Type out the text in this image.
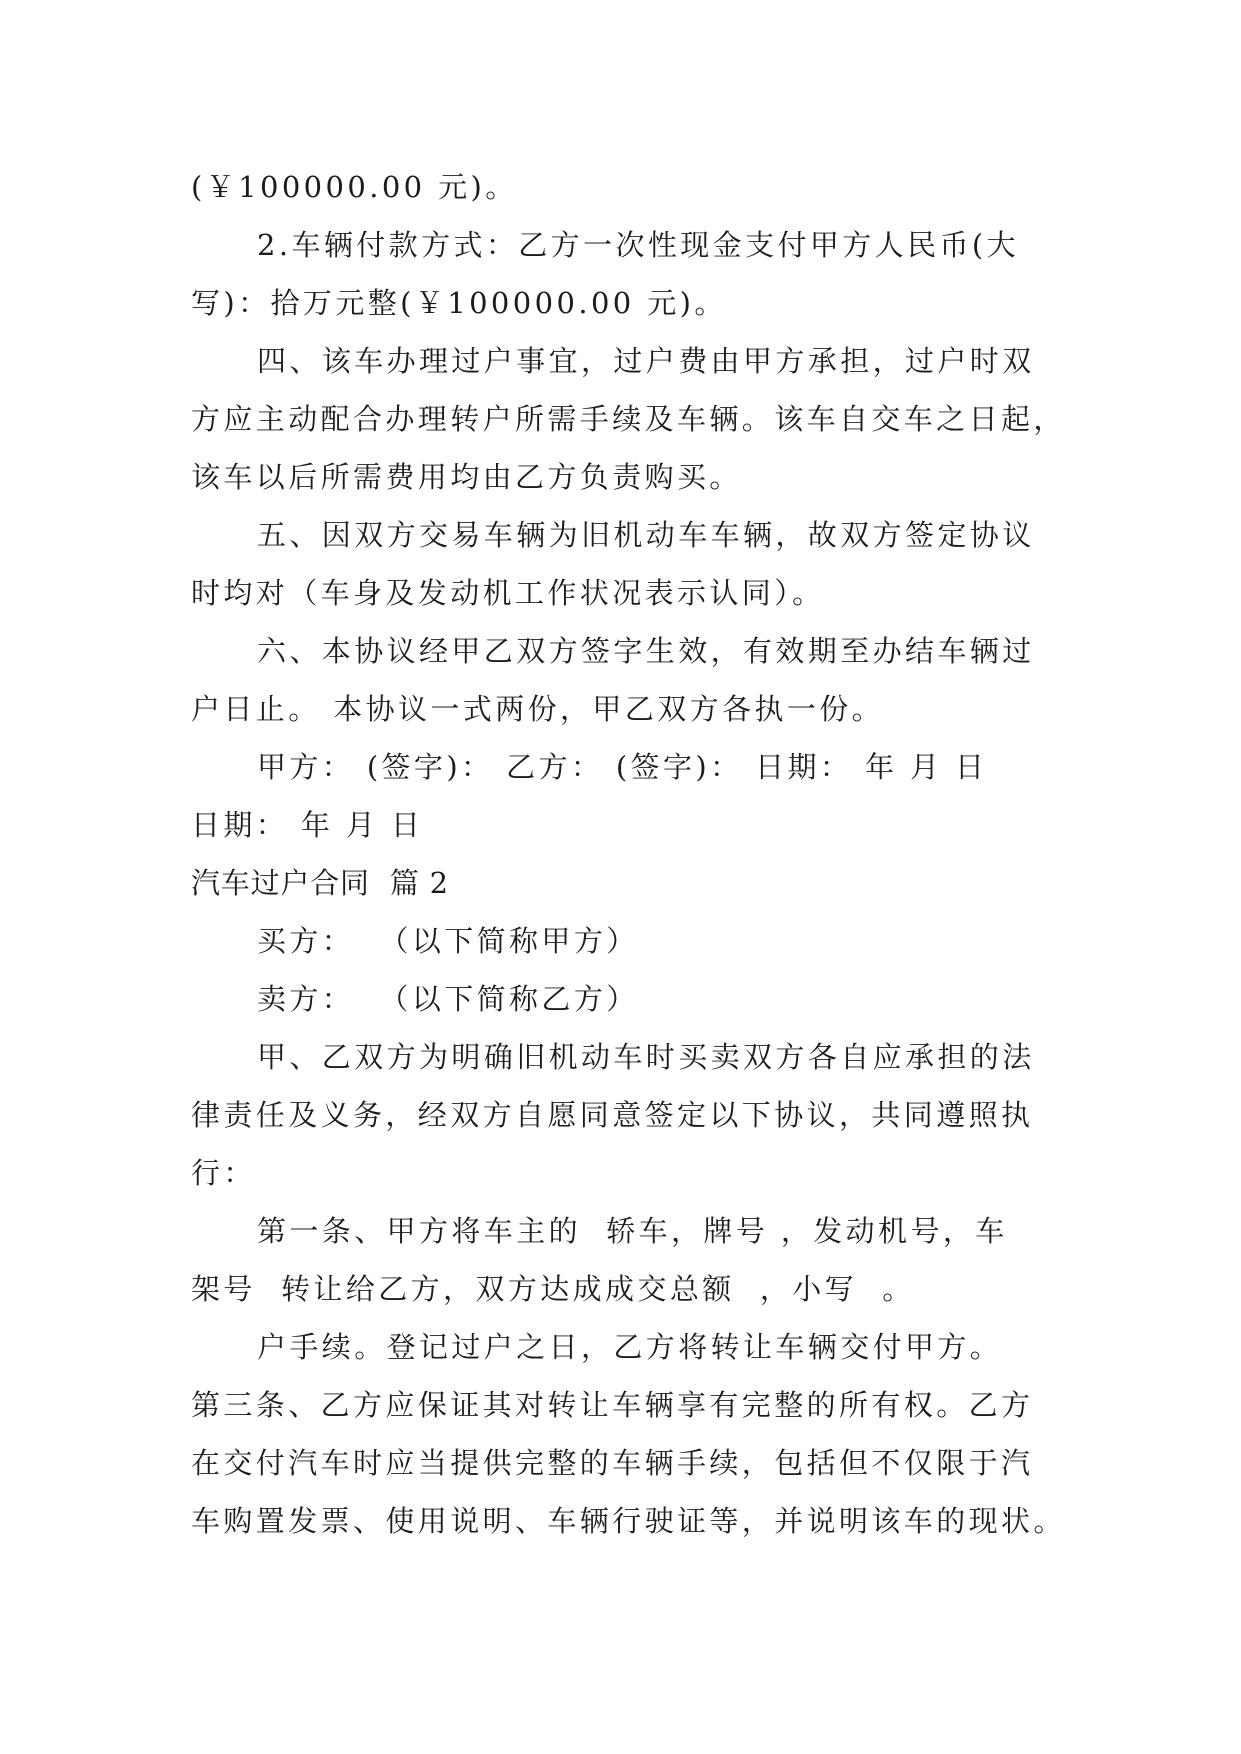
(￥100000.00 元)。
2.车辆付款方式：乙方一次性现金支付甲方人民币(大
写)：拾万元整(￥100000.00 元)。
四、该车办理过户事宜，过户费由甲方承担，过户时双
方应主动配合办理转户所需手续及车辆。该车自交车之日起，
该车以后所需费用均由乙方负责购买。
五、因双方交易车辆为旧机动车车辆，故双方签定协议
时均对（车身及发动机工作状况表示认同）。
六、本协议经甲乙双方签字生效，有效期至办结车辆过
户日止。 本协议一式两份，甲乙双方各执一份。
甲方： (签字)： 乙方： (签字)： 日期： 年 月 日
日期： 年 月 日
汽车过户合同  篇 2
买方：  （以下简称甲方）
卖方：  （以下简称乙方）
甲、乙双方为明确旧机动车时买卖双方各自应承担的法
律责任及义务，经双方自愿同意签定以下协议，共同遵照执
行：
第一条、甲方将车主的  轿车，牌号 ，发动机号，车
架号  转让给乙方，双方达成成交总额  ，小写  。
户手续。登记过户之日，乙方将转让车辆交付甲方。
第三条、乙方应保证其对转让车辆享有完整的所有权。乙方
在交付汽车时应当提供完整的车辆手续，包括但不仅限于汽
车购置发票、使用说明、车辆行驶证等，并说明该车的现状。
